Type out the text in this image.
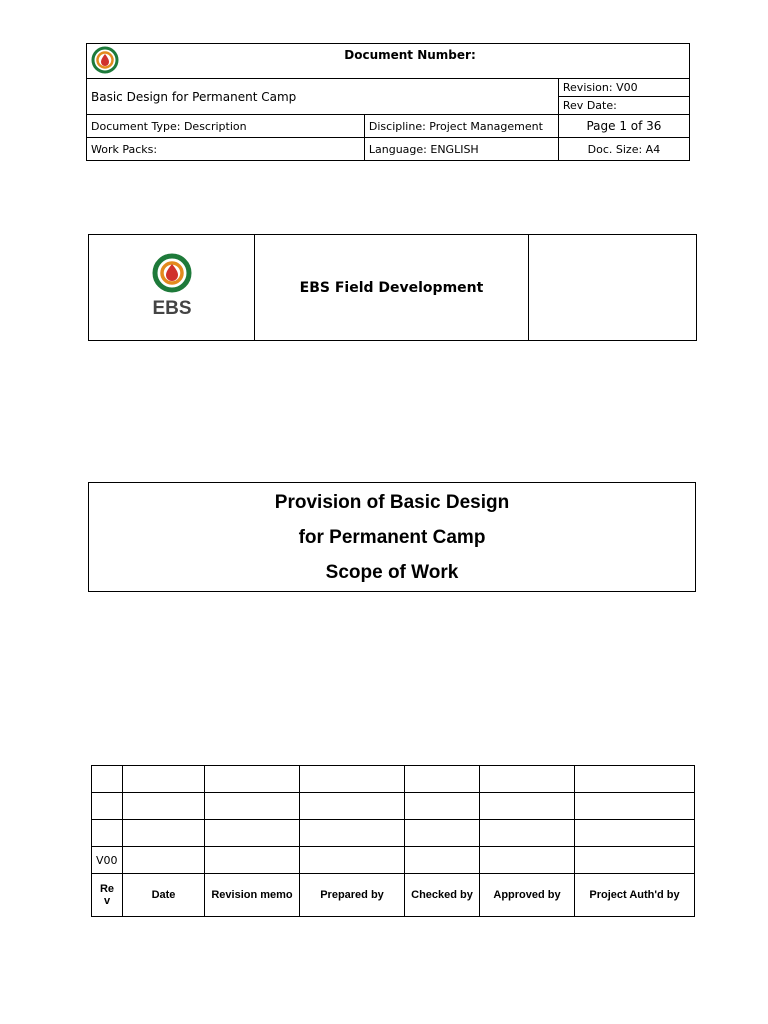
	Document Number:		
Basic Design for Permanent Camp			Revision: V00
			Rev Date:
Document Type: Description		Discipline: Project Management	Page 1 of 36
Work Packs:		Language: ENGLISH	Doc. Size: A4
EBS
	EBS Field Development	
Provision of Basic Design
for Permanent Camp
Scope of Work

V00						
Re v	Date	Revision memo	Prepared by	Checked by	Approved by	Project Auth'd by
